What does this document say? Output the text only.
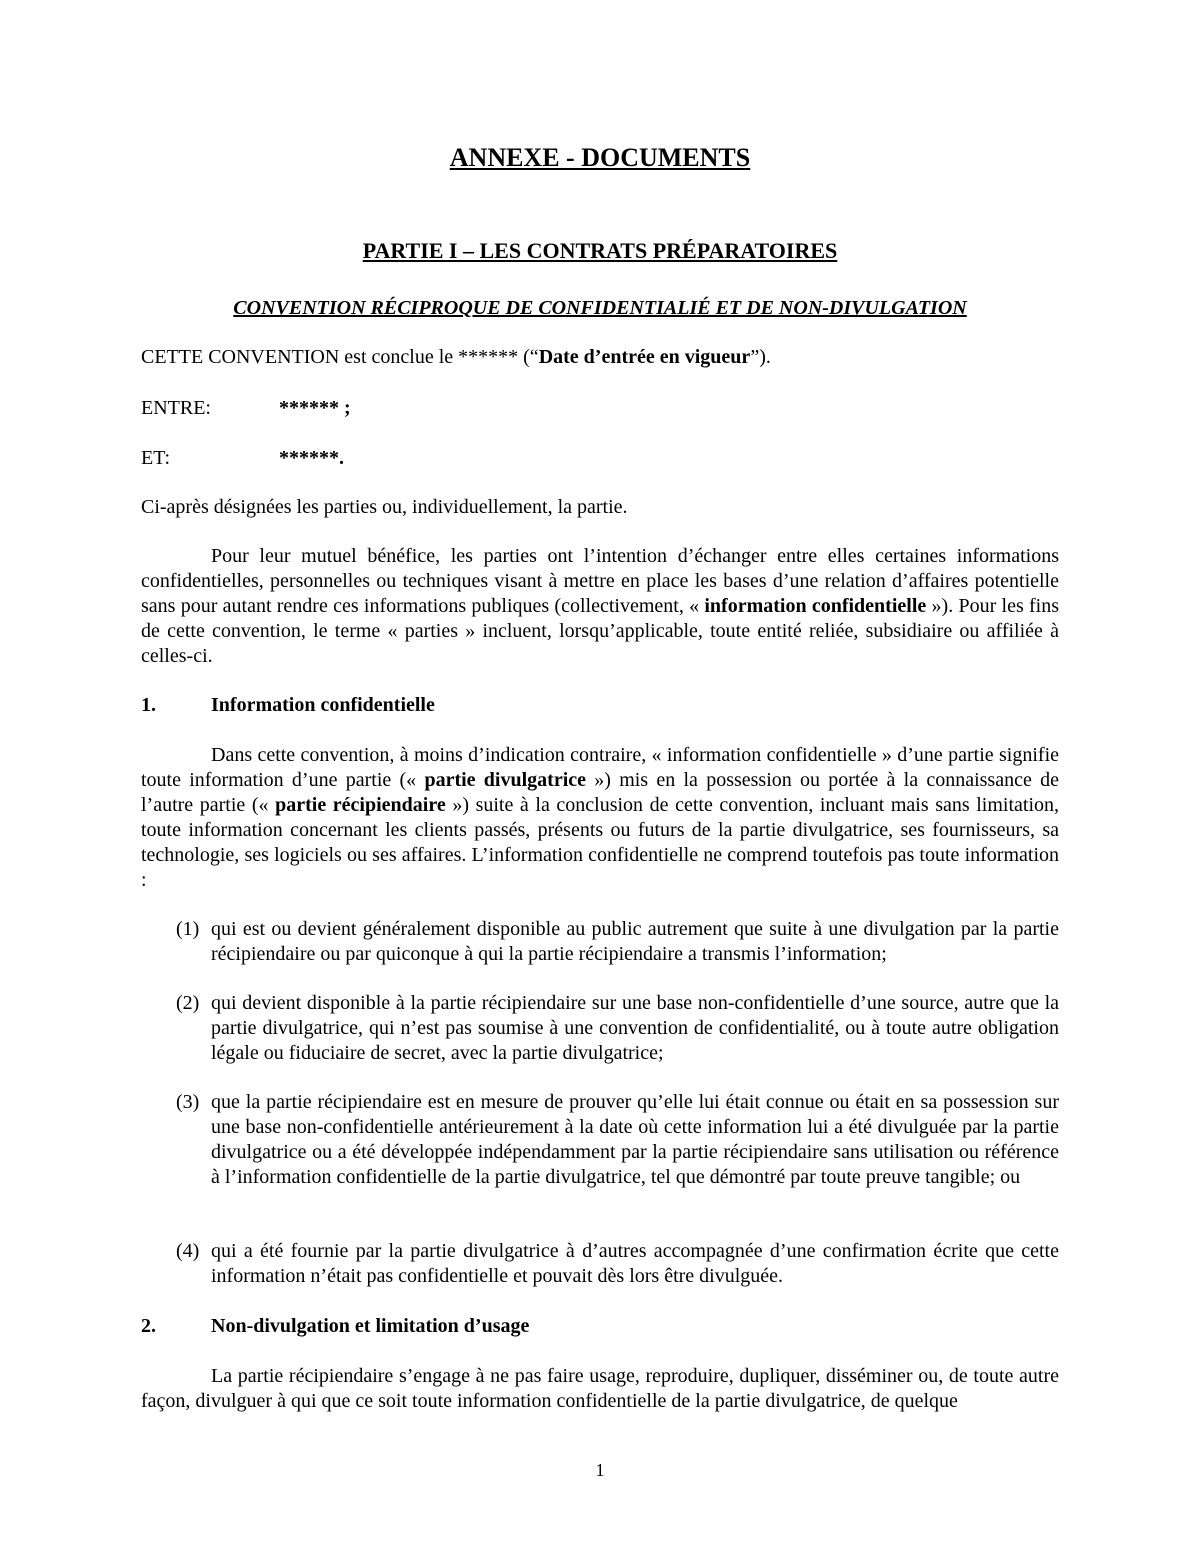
ANNEXE - DOCUMENTS
PARTIE I – LES CONTRATS PRÉPARATOIRES
CONVENTION RÉCIPROQUE DE CONFIDENTIALIÉ ET DE NON-DIVULGATION
CETTE CONVENTION est conclue le ****** (“Date d’entrée en vigueur”).
ENTRE:	****** ;
ET:	******.
Ci-après désignées les parties ou, individuellement, la partie.

Pour leur mutuel bénéfice, les parties ont l’intention d’échanger entre elles certaines informations confidentielles, personnelles ou techniques visant à mettre en place les bases d’une relation d’affaires potentielle sans pour autant rendre ces informations publiques (collectivement, « information confidentielle »). Pour les fins de cette convention, le terme « parties » incluent, lorsqu’applicable, toute entité reliée, subsidiaire ou affiliée à celles-ci.

1.	Information confidentielle

Dans cette convention, à moins d’indication contraire, « information confidentielle » d’une partie signifie toute information d’une partie (« partie divulgatrice ») mis en la possession ou portée à la connaissance de l’autre partie (« partie récipiendaire ») suite à la conclusion de cette convention, incluant mais sans limitation, toute information concernant les clients passés, présents ou futurs de la partie divulgatrice, ses fournisseurs, sa technologie, ses logiciels ou ses affaires. L’information confidentielle ne comprend toutefois pas toute information :

(1) qui est ou devient généralement disponible au public autrement que suite à une divulgation par la partie récipiendaire ou par quiconque à qui la partie récipiendaire a transmis l’information;
(2) qui devient disponible à la partie récipiendaire sur une base non-confidentielle d’une source, autre que la partie divulgatrice, qui n’est pas soumise à une convention de confidentialité, ou à toute autre obligation légale ou fiduciaire de secret, avec la partie divulgatrice;
(3) que la partie récipiendaire est en mesure de prouver qu’elle lui était connue ou était en sa possession sur une base non-confidentielle antérieurement à la date où cette information lui a été divulguée par la partie divulgatrice ou a été développée indépendamment par la partie récipiendaire sans utilisation ou référence à l’information confidentielle de la partie divulgatrice, tel que démontré par toute preuve tangible; ou
(4) qui a été fournie par la partie divulgatrice à d’autres accompagnée d’une confirmation écrite que cette information n’était pas confidentielle et pouvait dès lors être divulguée.
2.	Non-divulgation et limitation d’usage

La partie récipiendaire s’engage à ne pas faire usage, reproduire, dupliquer, disséminer ou, de toute autre façon, divulguer à qui que ce soit toute information confidentielle de la partie divulgatrice, de quelque

1
